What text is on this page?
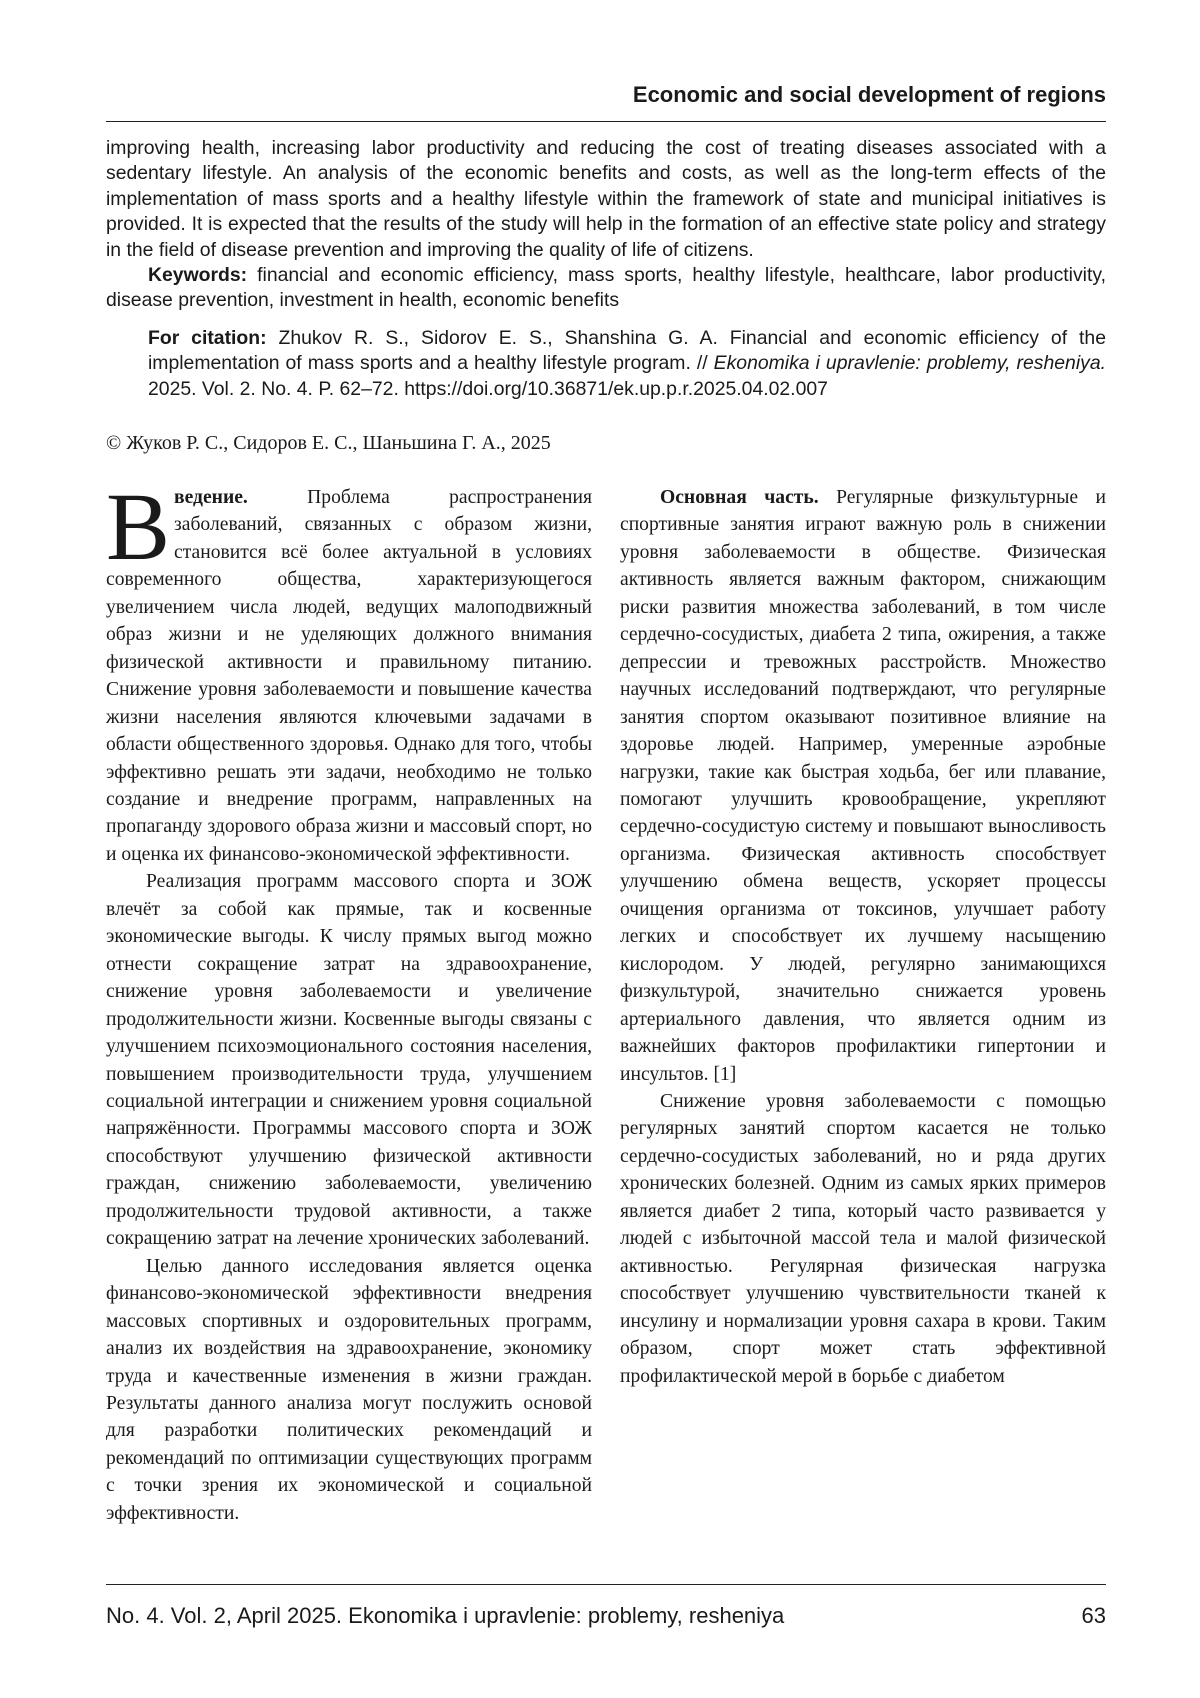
Economic and social development of regions

improving health, increasing labor productivity and reducing the cost of treating diseases associated with a sedentary lifestyle. An analysis of the economic benefits and costs, as well as the long-term effects of the implementation of mass sports and a healthy lifestyle within the framework of state and municipal initiatives is provided. It is expected that the results of the study will help in the formation of an effective state policy and strategy in the field of disease prevention and improving the quality of life of citizens.

Keywords: financial and economic efficiency, mass sports, healthy lifestyle, healthcare, labor productivity, disease prevention, investment in health, economic benefits

For citation: Zhukov R. S., Sidorov E. S., Shanshina G. A. Financial and economic efficiency of the implementation of mass sports and a healthy lifestyle program. // Ekonomika i upravlenie: problemy, resheniya. 2025. Vol. 2. No. 4. P. 62–72. https://doi.org/10.36871/ek.up.p.r.2025.04.02.007
© Жуков Р. С., Сидоров Е. С., Шаньшина Г. А., 2025

Введение. Проблема распространения заболеваний, связанных с образом жизни, становится всё более актуальной в условиях современного общества, характеризующегося увеличением числа людей, ведущих малоподвижный образ жизни и не уделяющих должного внимания физической активности и правильному питанию. Снижение уровня заболеваемости и повышение качества жизни населения являются ключевыми задачами в области общественного здоровья. Однако для того, чтобы эффективно решать эти задачи, необходимо не только создание и внедрение программ, направленных на пропаганду здорового образа жизни и массовый спорт, но и оценка их финансово-экономической эффективности.

Реализация программ массового спорта и ЗОЖ влечёт за собой как прямые, так и косвенные экономические выгоды. К числу прямых выгод можно отнести сокращение затрат на здравоохранение, снижение уровня заболеваемости и увеличение продолжительности жизни. Косвенные выгоды связаны с улучшением психоэмоционального состояния населения, повышением производительности труда, улучшением социальной интеграции и снижением уровня социальной напряжённости. Программы массового спорта и ЗОЖ способствуют улучшению физической активности граждан, снижению заболеваемости, увеличению продолжительности трудовой активности, а также сокращению затрат на лечение хронических заболеваний.

Целью данного исследования является оценка финансово-экономической эффективности внедрения массовых спортивных и оздоровительных программ, анализ их воздействия на здравоохранение, экономику труда и качественные изменения в жизни граждан. Результаты данного анализа могут послужить основой для разработки политических рекомендаций и рекомендаций по оптимизации существующих программ с точки зрения их экономической и социальной эффективности.

Основная часть. Регулярные физкультурные и спортивные занятия играют важную роль в снижении уровня заболеваемости в обществе. Физическая активность является важным фактором, снижающим риски развития множества заболеваний, в том числе сердечно-сосудистых, диабета 2 типа, ожирения, а также депрессии и тревожных расстройств. Множество научных исследований подтверждают, что регулярные занятия спортом оказывают позитивное влияние на здоровье людей. Например, умеренные аэробные нагрузки, такие как быстрая ходьба, бег или плавание, помогают улучшить кровообращение, укрепляют сердечно-сосудистую систему и повышают выносливость организма. Физическая активность способствует улучшению обмена веществ, ускоряет процессы очищения организма от токсинов, улучшает работу легких и способствует их лучшему насыщению кислородом. У людей, регулярно занимающихся физкультурой, значительно снижается уровень артериального давления, что является одним из важнейших факторов профилактики гипертонии и инсультов. [1]

Снижение уровня заболеваемости с помощью регулярных занятий спортом касается не только сердечно-сосудистых заболеваний, но и ряда других хронических болезней. Одним из самых ярких примеров является диабет 2 типа, который часто развивается у людей с избыточной массой тела и малой физической активностью. Регулярная физическая нагрузка способствует улучшению чувствительности тканей к инсулину и нормализации уровня сахара в крови. Таким образом, спорт может стать эффективной профилактической мерой в борьбе с диабетом

No. 4. Vol. 2, April 2025. Ekonomika i upravlenie: problemy, resheniya	63
